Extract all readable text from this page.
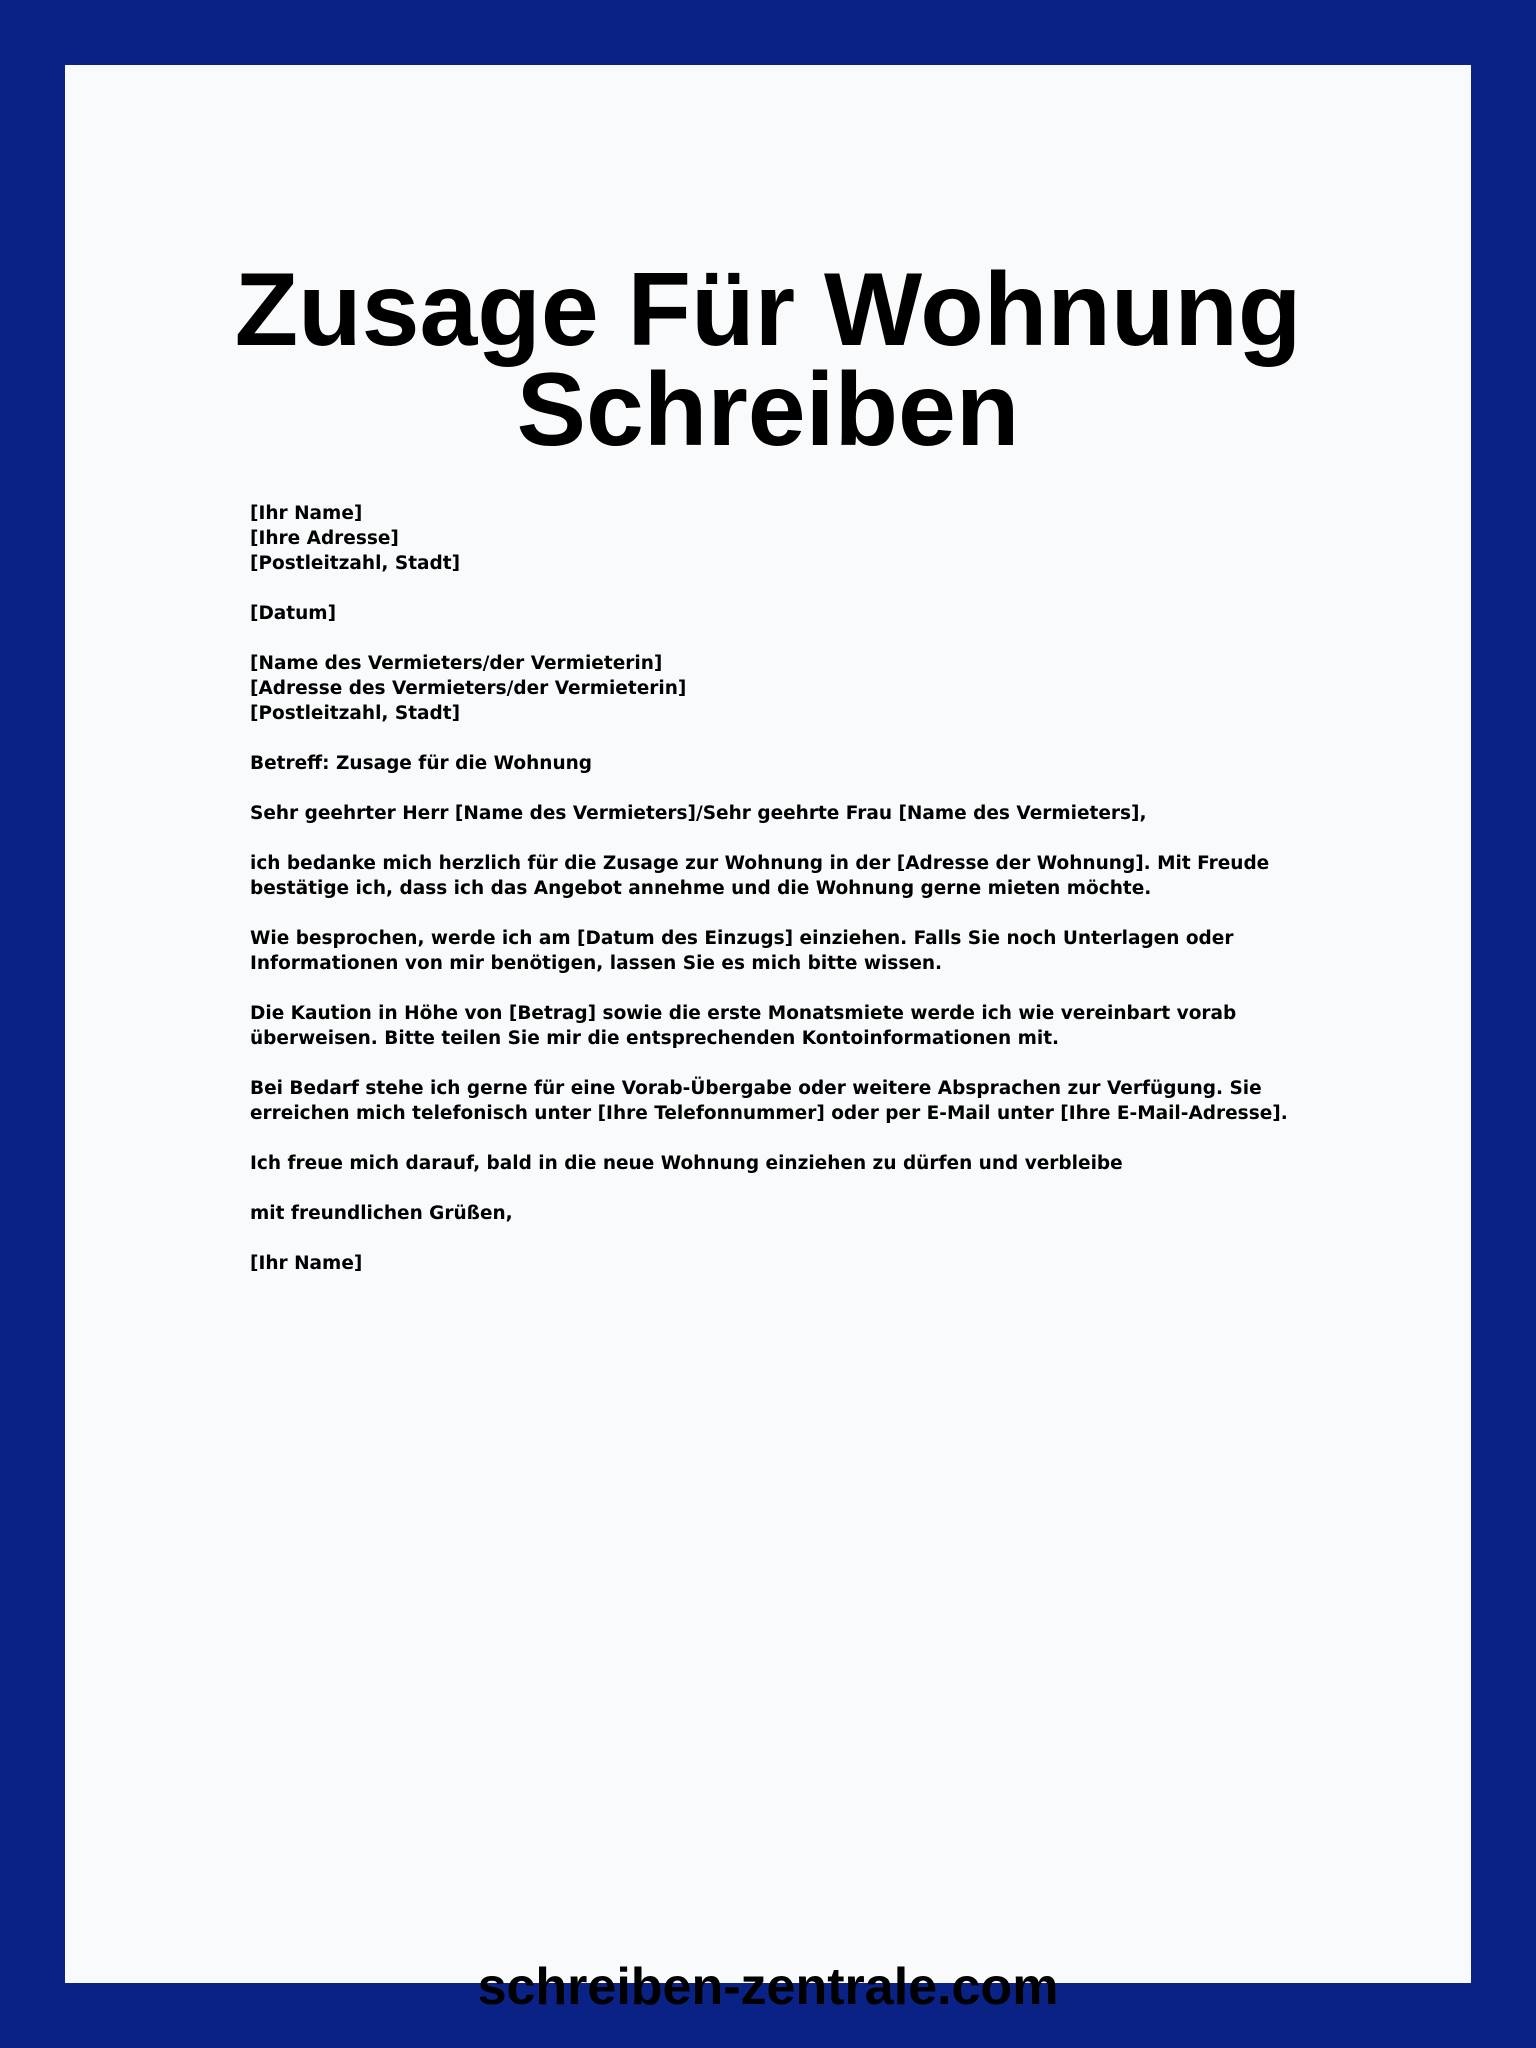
Zusage Für Wohnung Schreiben

[Ihr Name]
[Ihre Adresse]
[Postleitzahl, Stadt]

[Datum]

[Name des Vermieters/der Vermieterin]
[Adresse des Vermieters/der Vermieterin]
[Postleitzahl, Stadt]

Betreff: Zusage für die Wohnung

Sehr geehrter Herr [Name des Vermieters]/Sehr geehrte Frau [Name des Vermieters],

ich bedanke mich herzlich für die Zusage zur Wohnung in der [Adresse der Wohnung]. Mit Freude bestätige ich, dass ich das Angebot annehme und die Wohnung gerne mieten möchte.

Wie besprochen, werde ich am [Datum des Einzugs] einziehen. Falls Sie noch Unterlagen oder Informationen von mir benötigen, lassen Sie es mich bitte wissen.

Die Kaution in Höhe von [Betrag] sowie die erste Monatsmiete werde ich wie vereinbart vorab überweisen. Bitte teilen Sie mir die entsprechenden Kontoinformationen mit.

Bei Bedarf stehe ich gerne für eine Vorab-Übergabe oder weitere Absprachen zur Verfügung. Sie erreichen mich telefonisch unter [Ihre Telefonnummer] oder per E-Mail unter [Ihre E-Mail-Adresse].

Ich freue mich darauf, bald in die neue Wohnung einziehen zu dürfen und verbleibe

mit freundlichen Grüßen,

[Ihr Name]

schreiben-zentrale.com
